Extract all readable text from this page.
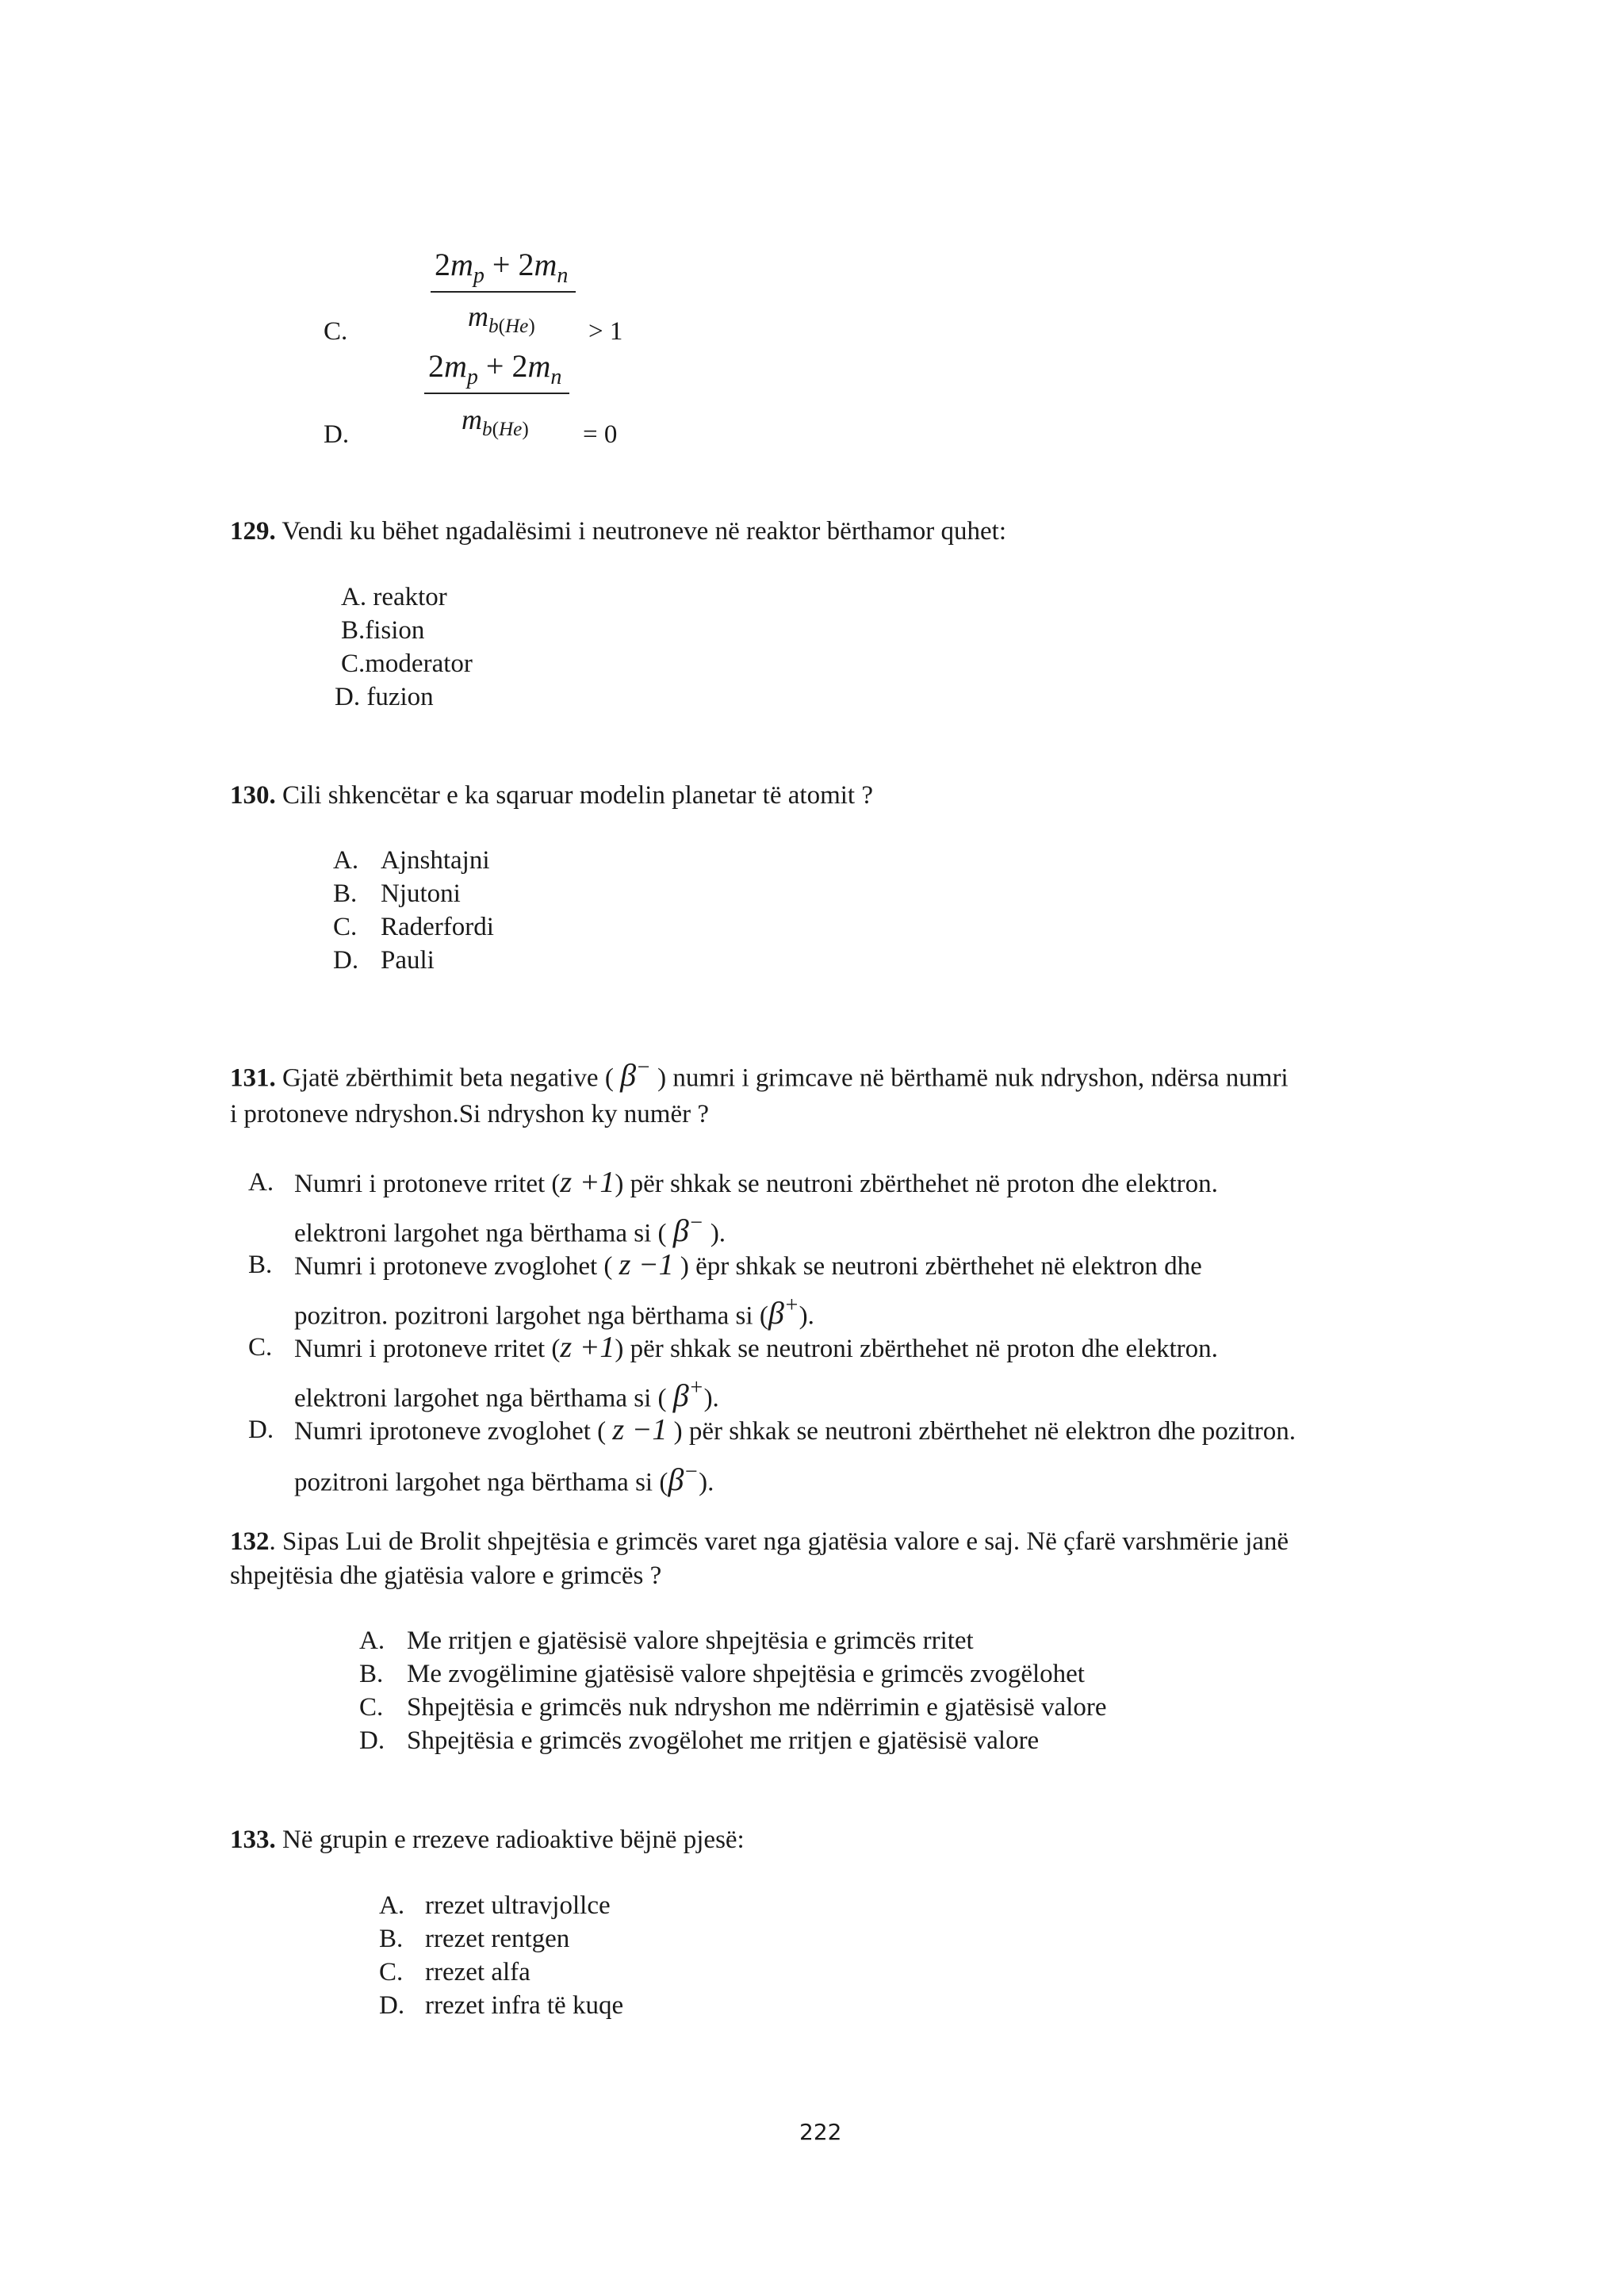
C.
$2m_p + 2m_n$
$m_{b(He)} > 1$
$2m_p + 2m_n$
D.	$m_{b(He)} = 0$
129. Vendi ku bëhet ngadalësimi i neutroneve në reaktor bërthamor quhet:
A. reaktor
B.fision
C.moderator
D. fuzion
130. Cili shkencëtar e ka sqaruar modelin planetar të atomit ?
A. Ajnshtajni
B. Njutoni
C. Raderfordi
D. Pauli
131. Gjatë zbërthimit beta negative ( β− ) numri i grimcave në bërthamë nuk ndryshon, ndërsa numri
i protoneve ndryshon.Si ndryshon ky numër ?
A. Numri i protoneve rritet (z +1) për shkak se neutroni zbërthehet në proton dhe elektron.
elektroni largohet nga bërthama si ( β− ).
B. Numri i protoneve zvoglohet ( z −1 ) ëpr shkak se neutroni zbërthehet në elektron dhe
pozitron. pozitroni largohet nga bërthama si (β+).
C. Numri i protoneve rritet (z +1) për shkak se neutroni zbërthehet në proton dhe elektron.
elektroni largohet nga bërthama si ( β+).
D. Numri iprotoneve zvoglohet ( z −1 ) për shkak se neutroni zbërthehet në elektron dhe pozitron.
pozitroni largohet nga bërthama si (β−).
132. Sipas Lui de Brolit shpejtësia e grimcës varet nga gjatësia valore e saj. Në çfarë varshmërie janë
shpejtësia dhe gjatësia valore e grimcës ?
A. Me rritjen e gjatësisë valore shpejtësia e grimcës rritet
B. Me zvogëlimine gjatësisë valore shpejtësia e grimcës zvogëlohet
C. Shpejtësia e grimcës nuk ndryshon me ndërrimin e gjatësisë valore
D. Shpejtësia e grimcës zvogëlohet me rritjen e gjatësisë valore
133. Në grupin e rrezeve radioaktive bëjnë pjesë:
A. rrezet ultravjollce
B. rrezet rentgen
C. rrezet alfa
D. rrezet infra të kuqe
222
